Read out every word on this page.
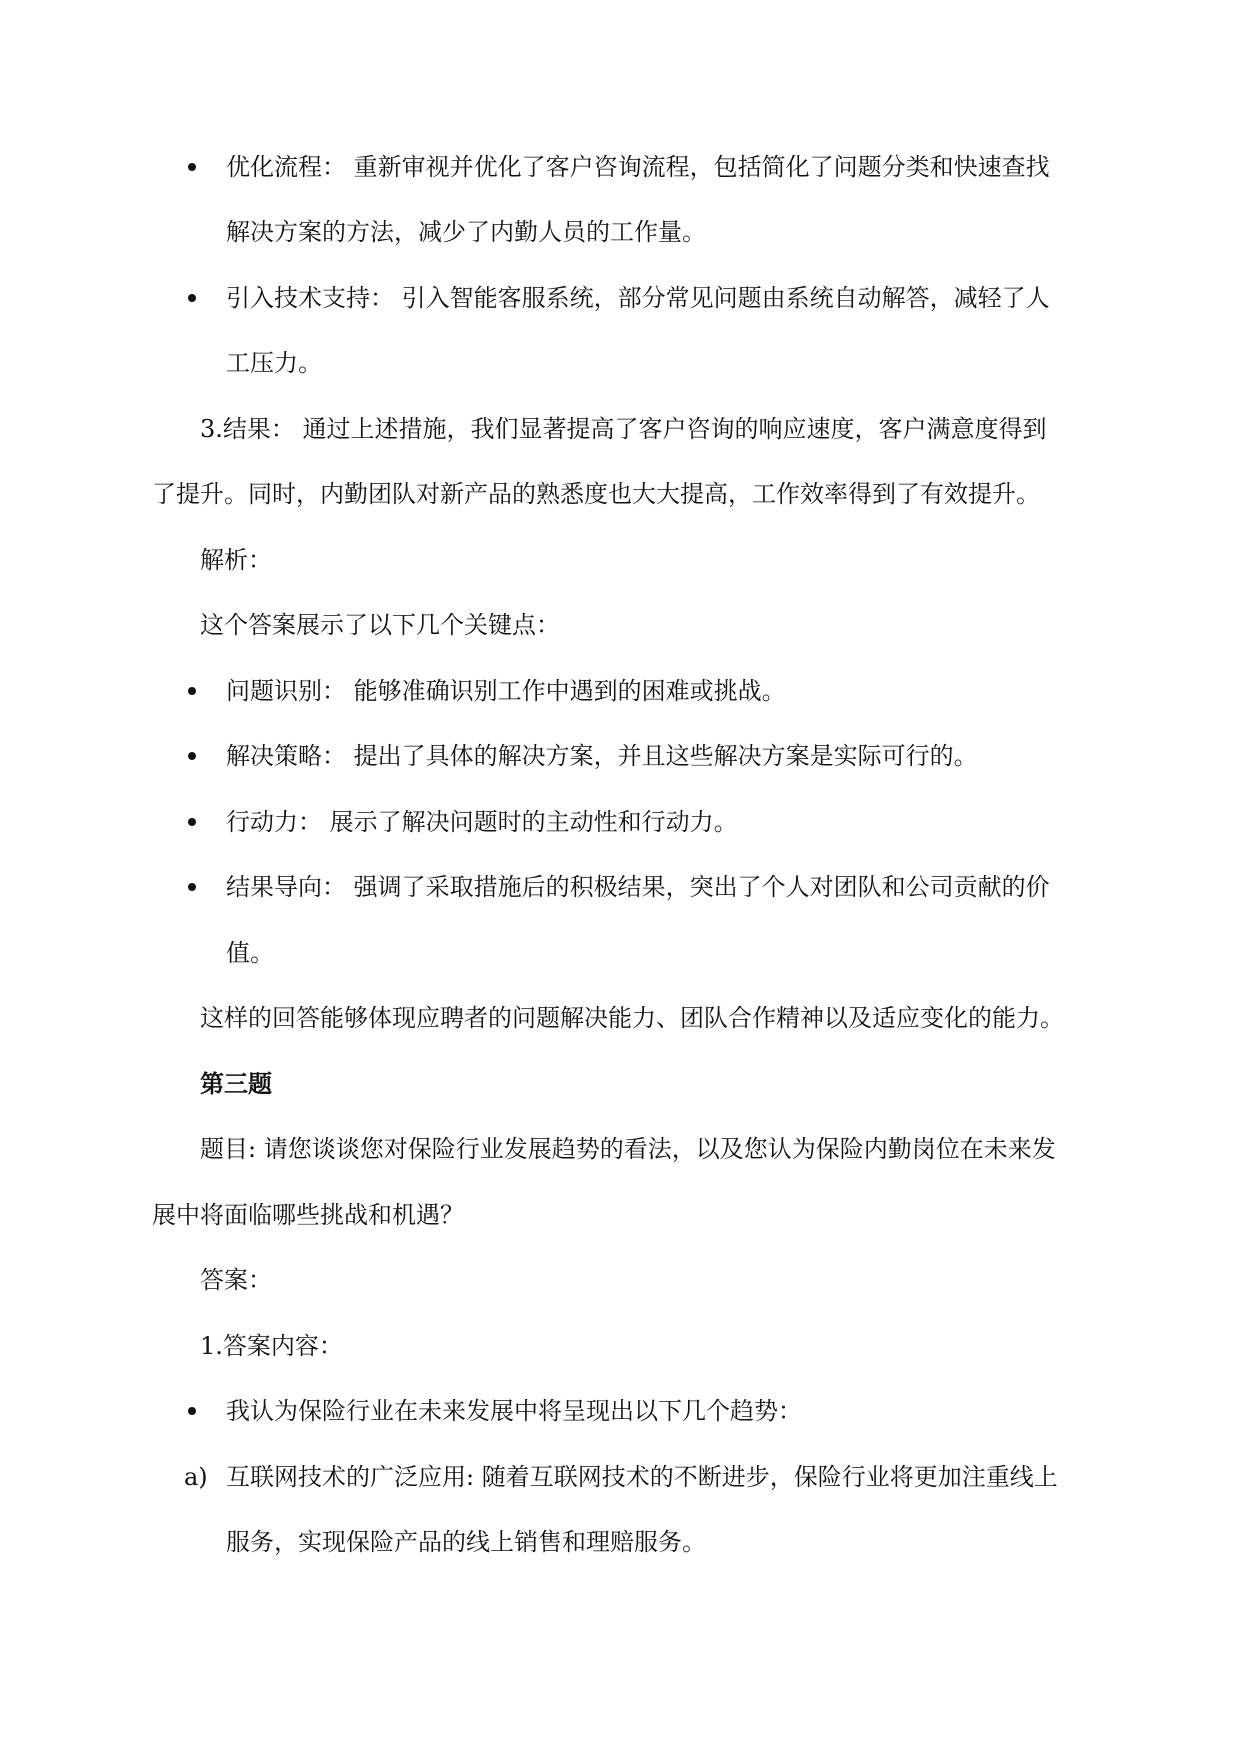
优化流程： 重新审视并优化了客户咨询流程，包括简化了问题分类和快速查找
解决方案的方法，减少了内勤人员的工作量。
引入技术支持： 引入智能客服系统，部分常见问题由系统自动解答，减轻了人
工压力。
3.结果： 通过上述措施，我们显著提高了客户咨询的响应速度，客户满意度得到
了提升。同时，内勤团队对新产品的熟悉度也大大提高，工作效率得到了有效提升。
解析：
这个答案展示了以下几个关键点：
问题识别： 能够准确识别工作中遇到的困难或挑战。
解决策略： 提出了具体的解决方案，并且这些解决方案是实际可行的。
行动力： 展示了解决问题时的主动性和行动力。
结果导向： 强调了采取措施后的积极结果，突出了个人对团队和公司贡献的价
值。
这样的回答能够体现应聘者的问题解决能力、团队合作精神以及适应变化的能力。
第三题
题目: 请您谈谈您对保险行业发展趋势的看法，以及您认为保险内勤岗位在未来发
展中将面临哪些挑战和机遇？
答案：
1.答案内容：
我认为保险行业在未来发展中将呈现出以下几个趋势：
a) 互联网技术的广泛应用: 随着互联网技术的不断进步，保险行业将更加注重线上
服务，实现保险产品的线上销售和理赔服务。
